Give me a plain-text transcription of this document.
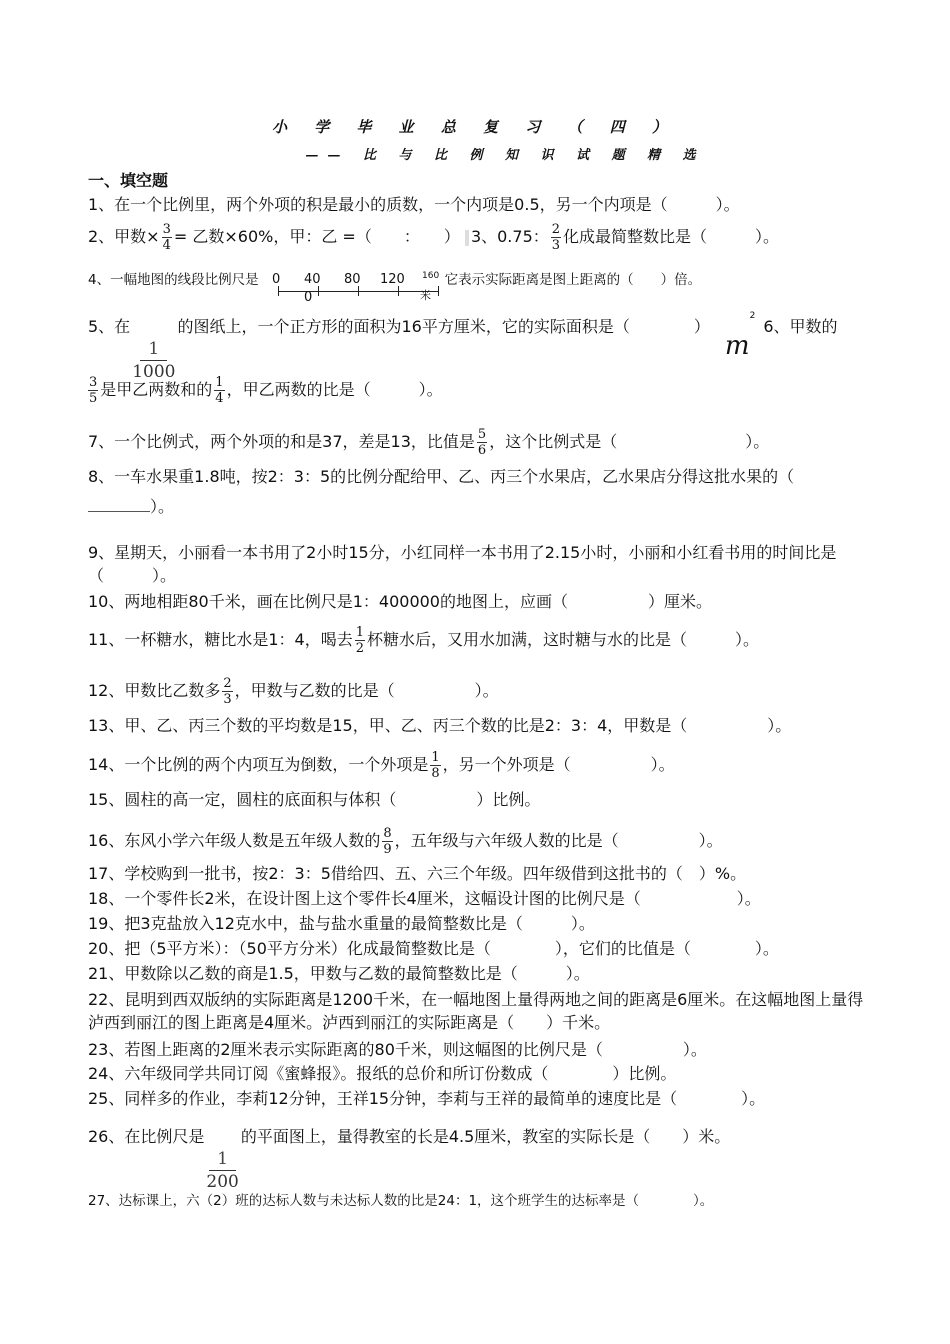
小 学 毕 业 总 复 习 （ 四 ）
—— 比 与 比 例 知 识 试 题 精 选
一、填空题
1、在一个比例里，两个外项的积是最小的质数，一个内项是0.5，另一个内项是（　　　）。
2、甲数× $\frac{3}{4}$ = 乙数×60%，甲：乙 =（　　：　　） 3、0.75： $\frac{2}{3}$ 化成最简整数比是（　　　）。
4、一幅地图的线段比例尺是	它表示实际距离是图上距离的（　　）倍。
0 40 80 120 160
0	米
5、在
$\frac{1}{1000}$
的图纸上，一个正方形的面积为16平方厘米，它的实际面积是（　　　　） $m^26$、甲数的
$\frac{3}{5}$ 是甲乙两数和的 $\frac{1}{4}$ ，甲乙两数的比是（　　　）。
7、一个比例式，两个外项的和是37，差是13，比值是 $\frac{5}{6}$ ，这个比例式是（　　　　　　　　）。
8、一车水果重1.8吨，按2：3：5的比例分配给甲、乙、丙三个水果店，乙水果店分得这批水果的（
）。
9、星期天，小丽看一本书用了2小时15分，小红同样一本书用了2.15小时，小丽和小红看书用的时间比是（　　　）。
10、两地相距80千米，画在比例尺是1：400000的地图上，应画（　　　　　）厘米。
11、一杯糖水，糖比水是1：4，喝去 $\frac{1}{2}$ 杯糖水后，又用水加满，这时糖与水的比是（　　　）。
12、甲数比乙数多 $\frac{2}{3}$ ，甲数与乙数的比是（　　　　　）。
13、甲、乙、丙三个数的平均数是15，甲、乙、丙三个数的比是2：3：4，甲数是（　　　　　）。
14、一个比例的两个内项互为倒数，一个外项是 $\frac{1}{8}$ ，另一个外项是（　　　　　）。
15、圆柱的高一定，圆柱的底面积与体积（　　　　　）比例。
16、东风小学六年级人数是五年级人数的 $\frac{8}{9}$ ，五年级与六年级人数的比是（　　　　　）。
17、学校购到一批书，按2：3：5借给四、五、六三个年级。四年级借到这批书的（　）%。
18、一个零件长2米，在设计图上这个零件长4厘米，这幅设计图的比例尺是（　　　　　　）。
19、把3克盐放入12克水中，盐与盐水重量的最简整数比是（　　　）。
20、把（5平方米）：（50平方分米）化成最简整数比是（　　　　），它们的比值是（　　　　）。
21、甲数除以乙数的商是1.5，甲数与乙数的最简整数比是（　　　）。
22、昆明到西双版纳的实际距离是1200千米，在一幅地图上量得两地之间的距离是6厘米。在这幅地图上量得泸西到丽江的图上距离是4厘米。泸西到丽江的实际距离是（　　）千米。
23、若图上距离的2厘米表示实际距离的80千米，则这幅图的比例尺是（　　　　　）。
24、六年级同学共同订阅《蜜蜂报》。报纸的总价和所订份数成（　　　　）比例。
25、同样多的作业，李莉12分钟，王祥15分钟，李莉与王祥的最简单的速度比是（　　　　）。
26、在比例尺是
$\frac{1}{200}$
的平面图上，量得教室的长是4.5厘米，教室的实际长是（　　）米。
27、达标课上，六（2）班的达标人数与未达标人数的比是24：1，这个班学生的达标率是（　　　　）。
